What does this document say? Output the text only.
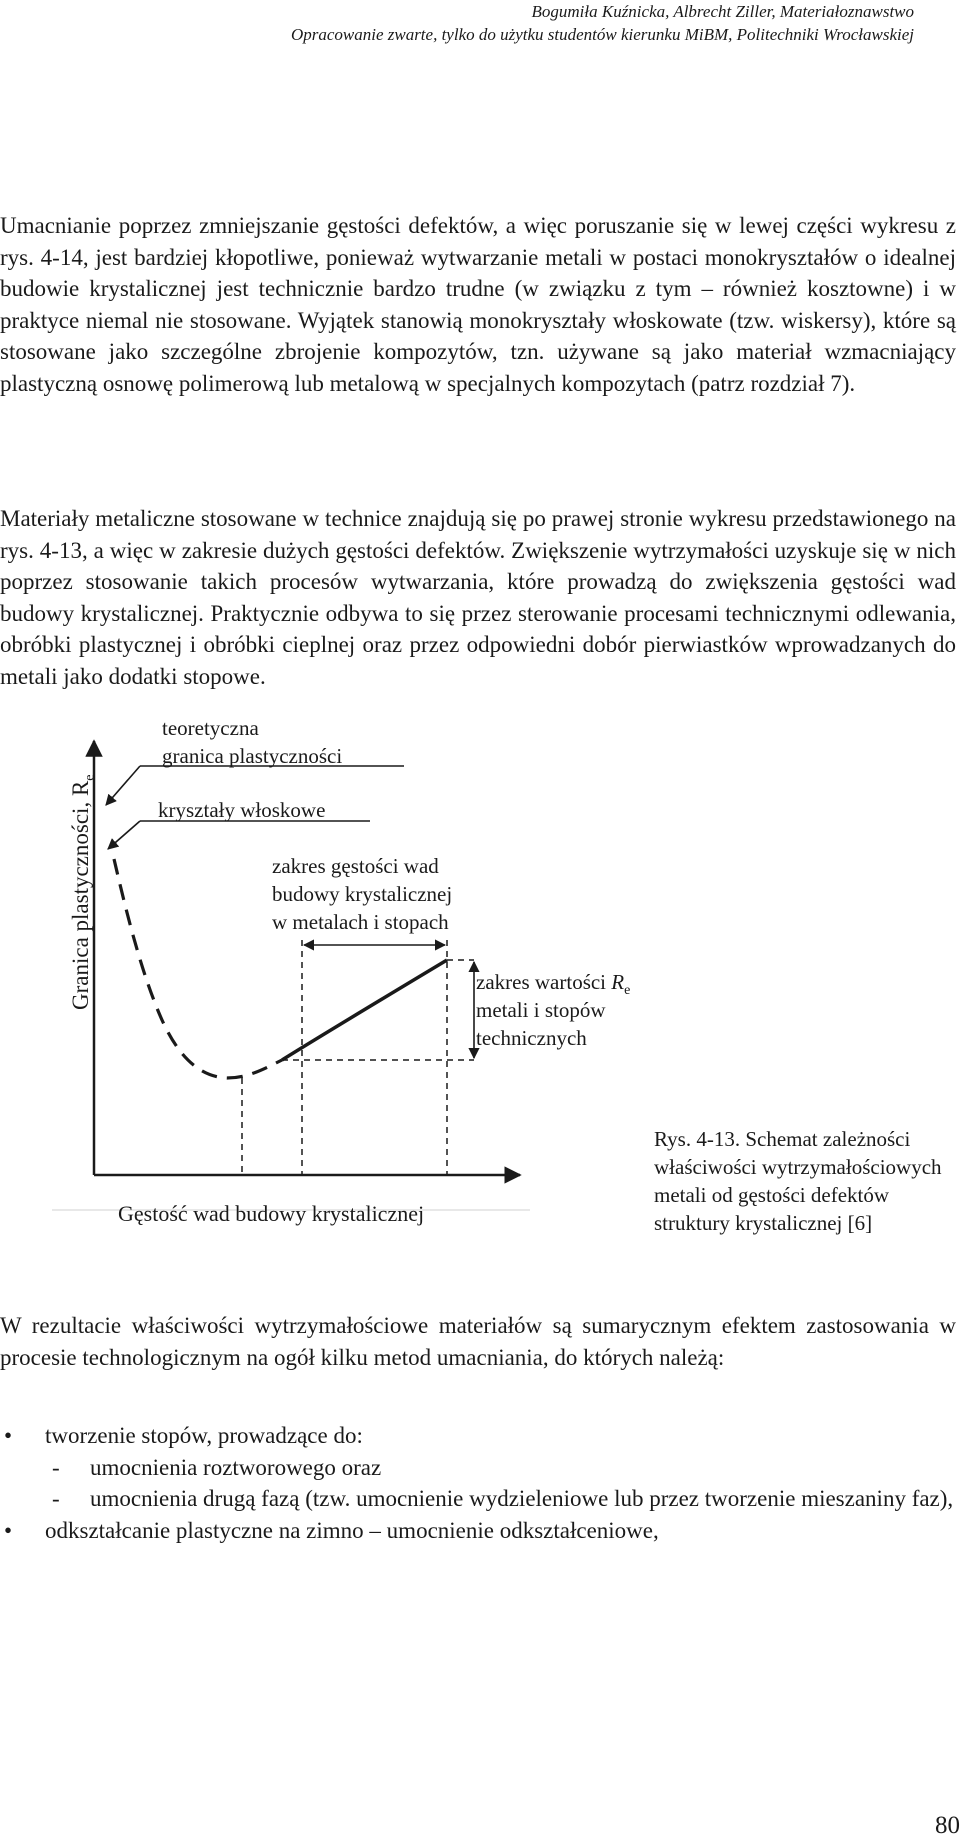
Bogumiła Kuźnicka, Albrecht Ziller, Materiałoznawstwo
Opracowanie zwarte, tylko do użytku studentów kierunku MiBM, Politechniki Wrocławskiej

Umacnianie poprzez zmniejszanie gęstości defektów, a więc poruszanie się w lewej części wykresu z rys. 4-14, jest bardziej kłopotliwe, ponieważ wytwarzanie metali w postaci monokryształów o idealnej budowie krystalicznej jest technicznie bardzo trudne (w związku z tym – również kosztowne) i w praktyce niemal nie stosowane. Wyjątek stanowią monokryształy włoskowate (tzw. wiskersy), które są stosowane jako szczególne zbrojenie kompozytów, tzn. używane są jako materiał wzmacniający plastyczną osnowę polimerową lub metalową w specjalnych kompozytach (patrz rozdział 7).

Materiały metaliczne stosowane w technice znajdują się po prawej stronie wykresu przedstawionego na rys. 4-13, a więc w zakresie dużych gęstości defektów. Zwiększenie wytrzymałości uzyskuje się w nich poprzez stosowanie takich procesów wytwarzania, które prowadzą do zwiększenia gęstości wad budowy krystalicznej. Praktycznie odbywa to się przez sterowanie procesami technicznymi odlewania, obróbki plastycznej i obróbki cieplnej oraz przez odpowiedni dobór pierwiastków wprowadzanych do metali jako dodatki stopowe.

teoretyczna
granica plastyczności
kryształy włoskowe
zakres gęstości wad
budowy krystalicznej
w metalach i stopach
zakres wartości $R_e$
metali i stopów
technicznych
Granica plastyczności, $R_e$
Gęstość wad budowy krystalicznej
Rys. 4-13. Schemat zależności właściwości wytrzymałościowych metali od gęstości defektów struktury krystalicznej [6]

W rezultacie właściwości wytrzymałościowe materiałów są sumarycznym efektem zastosowania w procesie technologicznym na ogół kilku metod umacniania, do których należą:

• tworzenie stopów, prowadzące do:
- umocnienia roztworowego oraz
- umocnienia drugą fazą (tzw. umocnienie wydzieleniowe lub przez tworzenie mieszaniny faz),
• odkształcanie plastyczne na zimno – umocnienie odkształceniowe,
80
